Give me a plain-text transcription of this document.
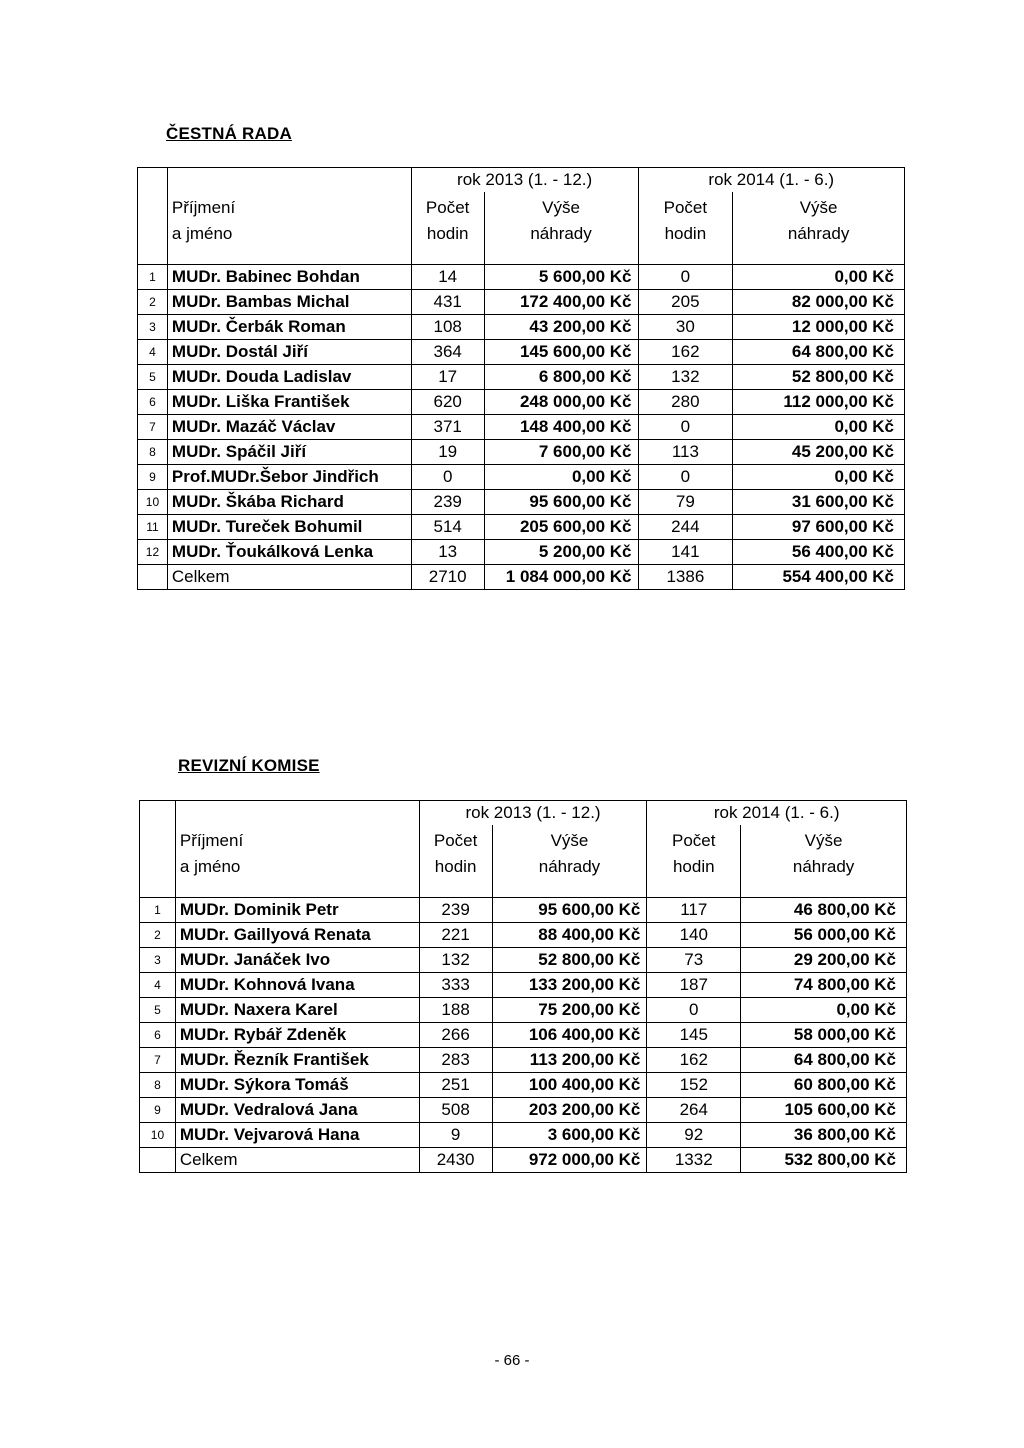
ČESTNÁ RADA
		rok 2013 (1. - 12.)		rok 2014 (1. - 6.)	
	Příjmení	Počet	Výše	Počet	Výše
	a jméno	hodin	náhrady	hodin	náhrady
1	MUDr. Babinec Bohdan	14	5 600,00 Kč	0	0,00 Kč
2	MUDr. Bambas Michal	431	172 400,00 Kč	205	82 000,00 Kč
3	MUDr. Čerbák Roman	108	43 200,00 Kč	30	12 000,00 Kč
4	MUDr. Dostál Jiří	364	145 600,00 Kč	162	64 800,00 Kč
5	MUDr. Douda Ladislav	17	6 800,00 Kč	132	52 800,00 Kč
6	MUDr. Liška František	620	248 000,00 Kč	280	112 000,00 Kč
7	MUDr. Mazáč Václav	371	148 400,00 Kč	0	0,00 Kč
8	MUDr. Spáčil Jiří	19	7 600,00 Kč	113	45 200,00 Kč
9	Prof.MUDr.Šebor Jindřich	0	0,00 Kč	0	0,00 Kč
10	MUDr. Škába Richard	239	95 600,00 Kč	79	31 600,00 Kč
11	MUDr. Tureček Bohumil	514	205 600,00 Kč	244	97 600,00 Kč
12	MUDr. Ťoukálková Lenka	13	5 200,00 Kč	141	56 400,00 Kč
	Celkem	2710	1 084 000,00 Kč	1386	554 400,00 Kč
REVIZNÍ KOMISE
		rok 2013 (1. - 12.)		rok 2014 (1. - 6.)	
	Příjmení	Počet	Výše	Počet	Výše
	a jméno	hodin	náhrady	hodin	náhrady
1	MUDr. Dominik Petr	239	95 600,00 Kč	117	46 800,00 Kč
2	MUDr. Gaillyová Renata	221	88 400,00 Kč	140	56 000,00 Kč
3	MUDr. Janáček Ivo	132	52 800,00 Kč	73	29 200,00 Kč
4	MUDr. Kohnová Ivana	333	133 200,00 Kč	187	74 800,00 Kč
5	MUDr. Naxera Karel	188	75 200,00 Kč	0	0,00 Kč
6	MUDr. Rybář Zdeněk	266	106 400,00 Kč	145	58 000,00 Kč
7	MUDr. Řezník František	283	113 200,00 Kč	162	64 800,00 Kč
8	MUDr. Sýkora Tomáš	251	100 400,00 Kč	152	60 800,00 Kč
9	MUDr. Vedralová Jana	508	203 200,00 Kč	264	105 600,00 Kč
10	MUDr. Vejvarová Hana	9	3 600,00 Kč	92	36 800,00 Kč
	Celkem	2430	972 000,00 Kč	1332	532 800,00 Kč
- 66 -
